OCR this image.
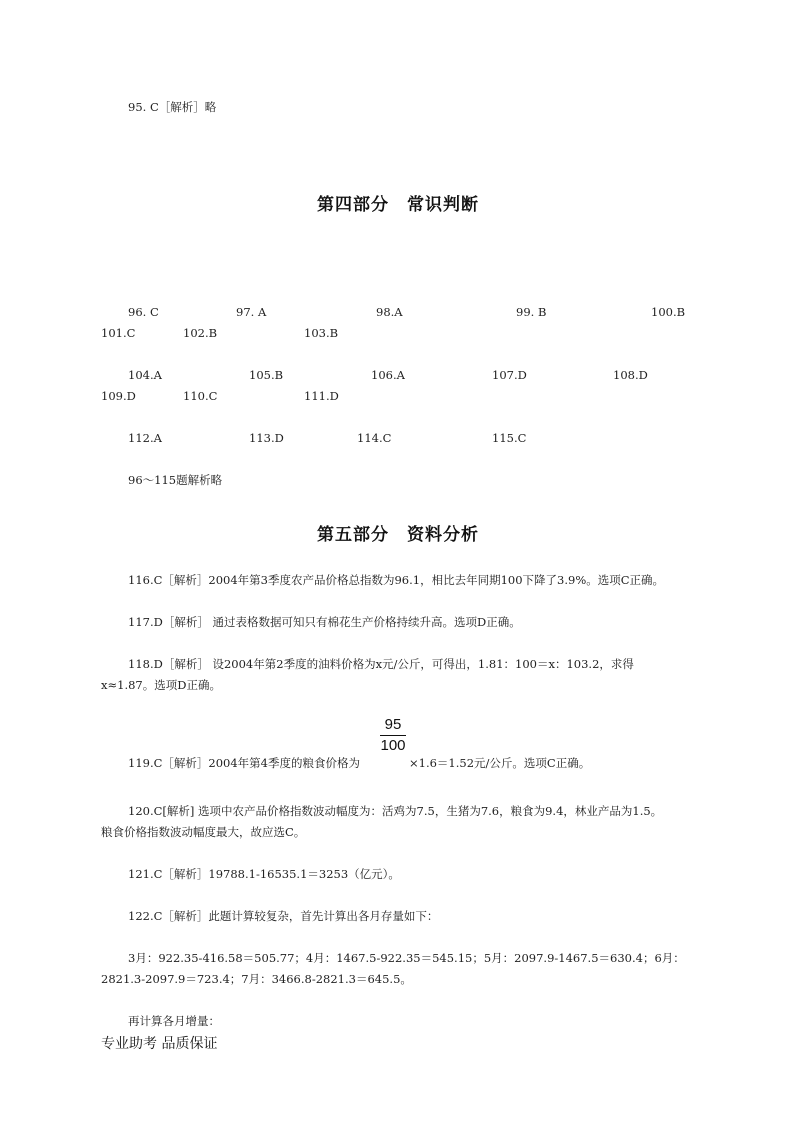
95. C［解析］略
第四部分　常识判断
96. C	97. A	98.A	99. B	100.B
101.C	102.B	103.B
104.A	105.B	106.A	107.D	108.D
109.D	110.C	111.D
112.A	113.D	114.C	115.C
96～115题解析略
第五部分　资料分析
116.C［解析］2004年第3季度农产品价格总指数为96.1，相比去年同期100下降了3.9%。选项C正确。
117.D［解析］ 通过表格数据可知只有棉花生产价格持续升高。选项D正确。
118.D［解析］ 设2004年第2季度的油料价格为x元/公斤，可得出，1.81：100＝x：103.2，求得
x≈1.87。选项D正确。
95
100
119.C［解析］2004年第4季度的粮食价格为	×1.6＝1.52元/公斤。选项C正确。
120.C[解析] 选项中农产品价格指数波动幅度为：活鸡为7.5，生猪为7.6，粮食为9.4，林业产品为1.5。
粮食价格指数波动幅度最大，故应选C。
121.C［解析］19788.1-16535.1＝3253（亿元）。
122.C［解析］此题计算较复杂，首先计算出各月存量如下：
3月：922.35-416.58＝505.77；4月：1467.5-922.35＝545.15；5月：2097.9-1467.5＝630.4；6月：
2821.3-2097.9＝723.4；7月：3466.8-2821.3＝645.5。
再计算各月增量：
专业助考 品质保证
